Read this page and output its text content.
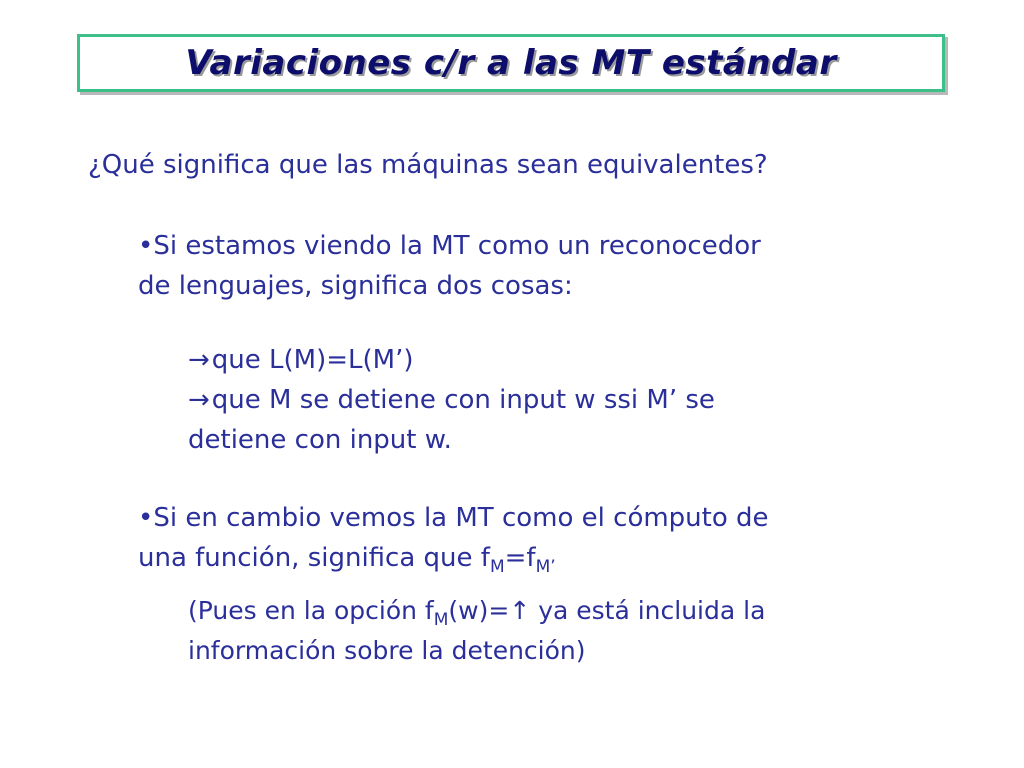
Variaciones c/r a las MT estándar
¿Qué significa que las máquinas sean equivalentes?
•Si estamos viendo la MT como un reconocedor
de lenguajes, significa dos cosas:
→que L(M)=L(M’)
→que M se detiene con input w ssi M’ se
detiene con input w.
•Si en cambio vemos la MT como el cómputo de
una función, significa que $f_M=f_{M’}$
(Pues en la opción $f_M(w)=↑$ ya está incluida la
información sobre la detención)
